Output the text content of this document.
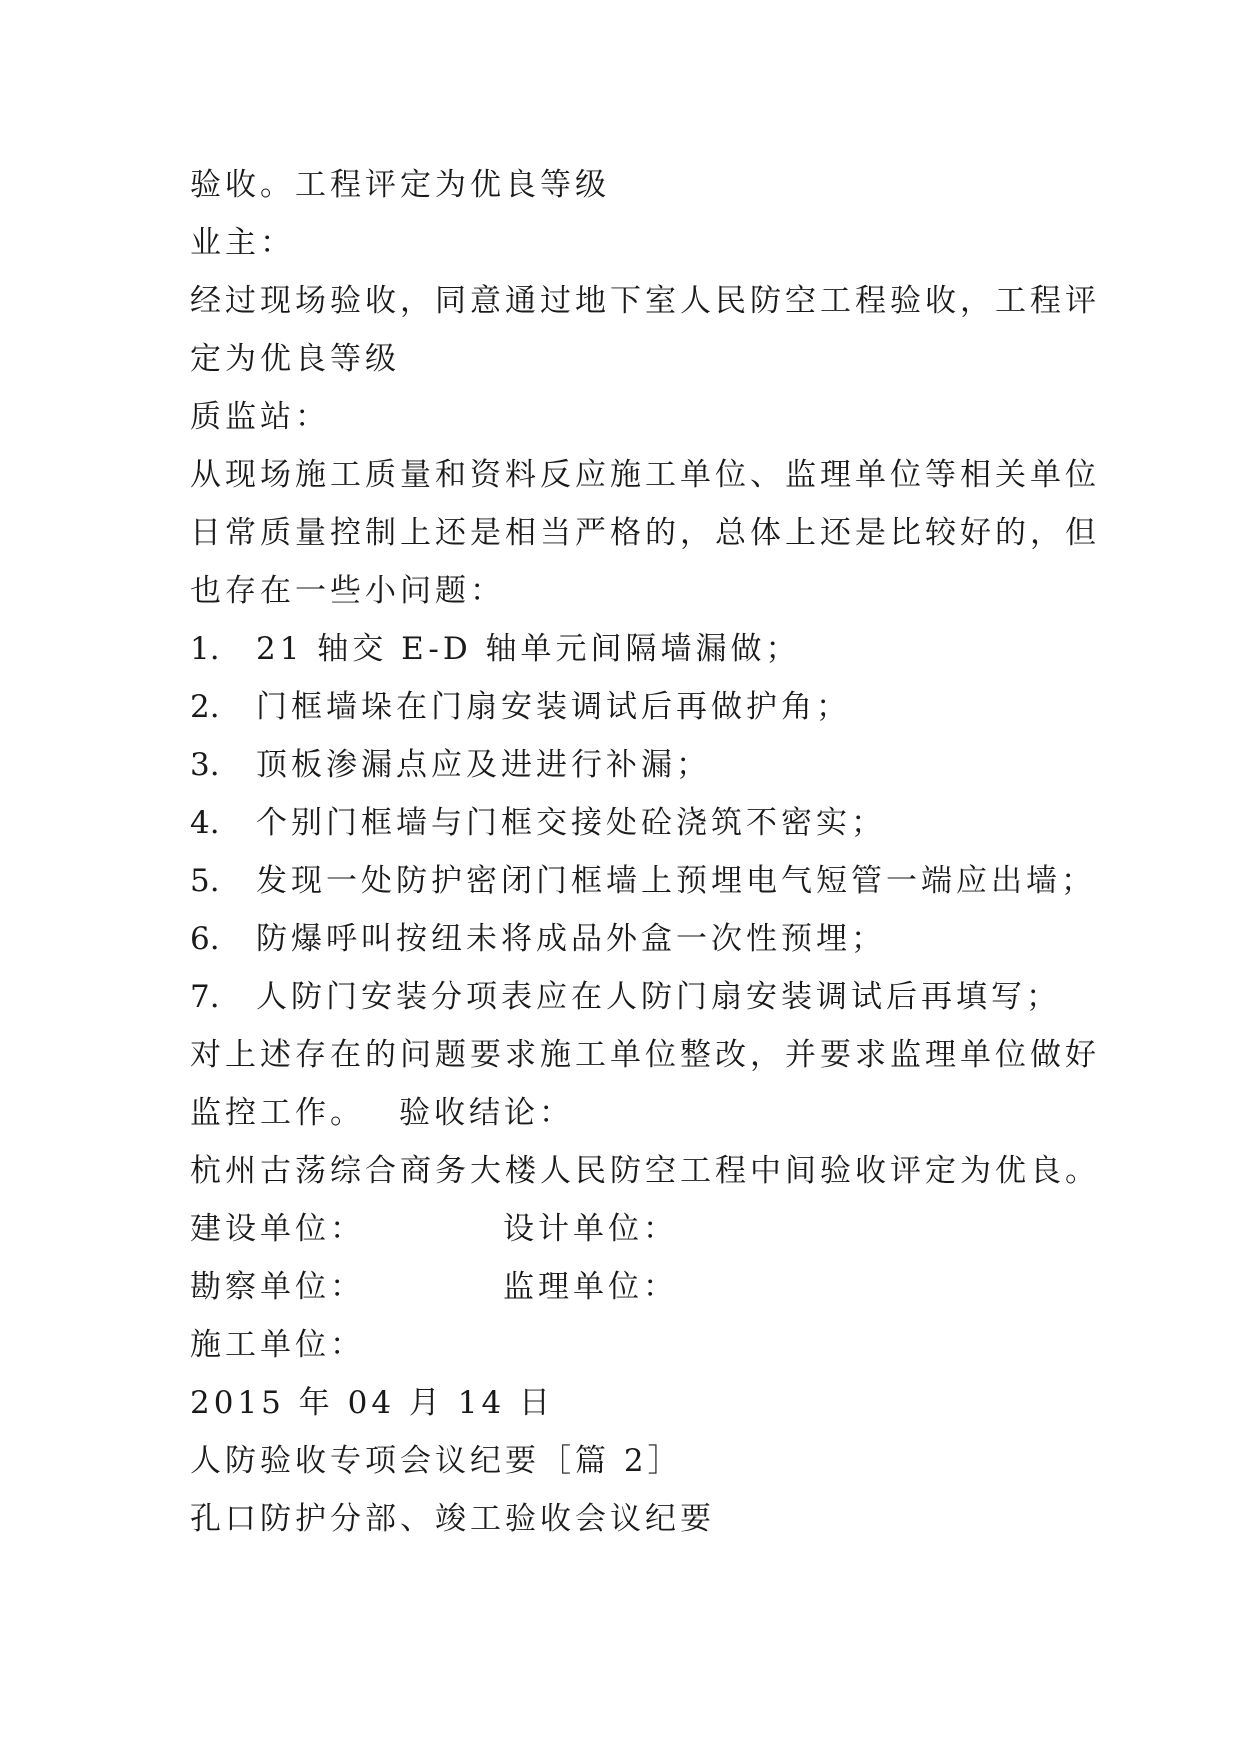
验收。工程评定为优良等级
业主：
经过现场验收，同意通过地下室人民防空工程验收，工程评
定为优良等级
质监站：
从现场施工质量和资料反应施工单位、监理单位等相关单位
日常质量控制上还是相当严格的，总体上还是比较好的，但
也存在一些小问题：
1. 21 轴交 E-D 轴单元间隔墙漏做；
2. 门框墙垛在门扇安装调试后再做护角；
3. 顶板渗漏点应及进进行补漏；
4. 个别门框墙与门框交接处砼浇筑不密实；
5. 发现一处防护密闭门框墙上预埋电气短管一端应出墙；
6. 防爆呼叫按纽未将成品外盒一次性预埋；
7. 人防门安装分项表应在人防门扇安装调试后再填写；
对上述存在的问题要求施工单位整改，并要求监理单位做好
监控工作。 验收结论：
杭州古荡综合商务大楼人民防空工程中间验收评定为优良。
建设单位：	设计单位：
勘察单位：	监理单位：
施工单位：
2015 年 04 月 14 日
人防验收专项会议纪要［篇 2］
孔口防护分部、竣工验收会议纪要
